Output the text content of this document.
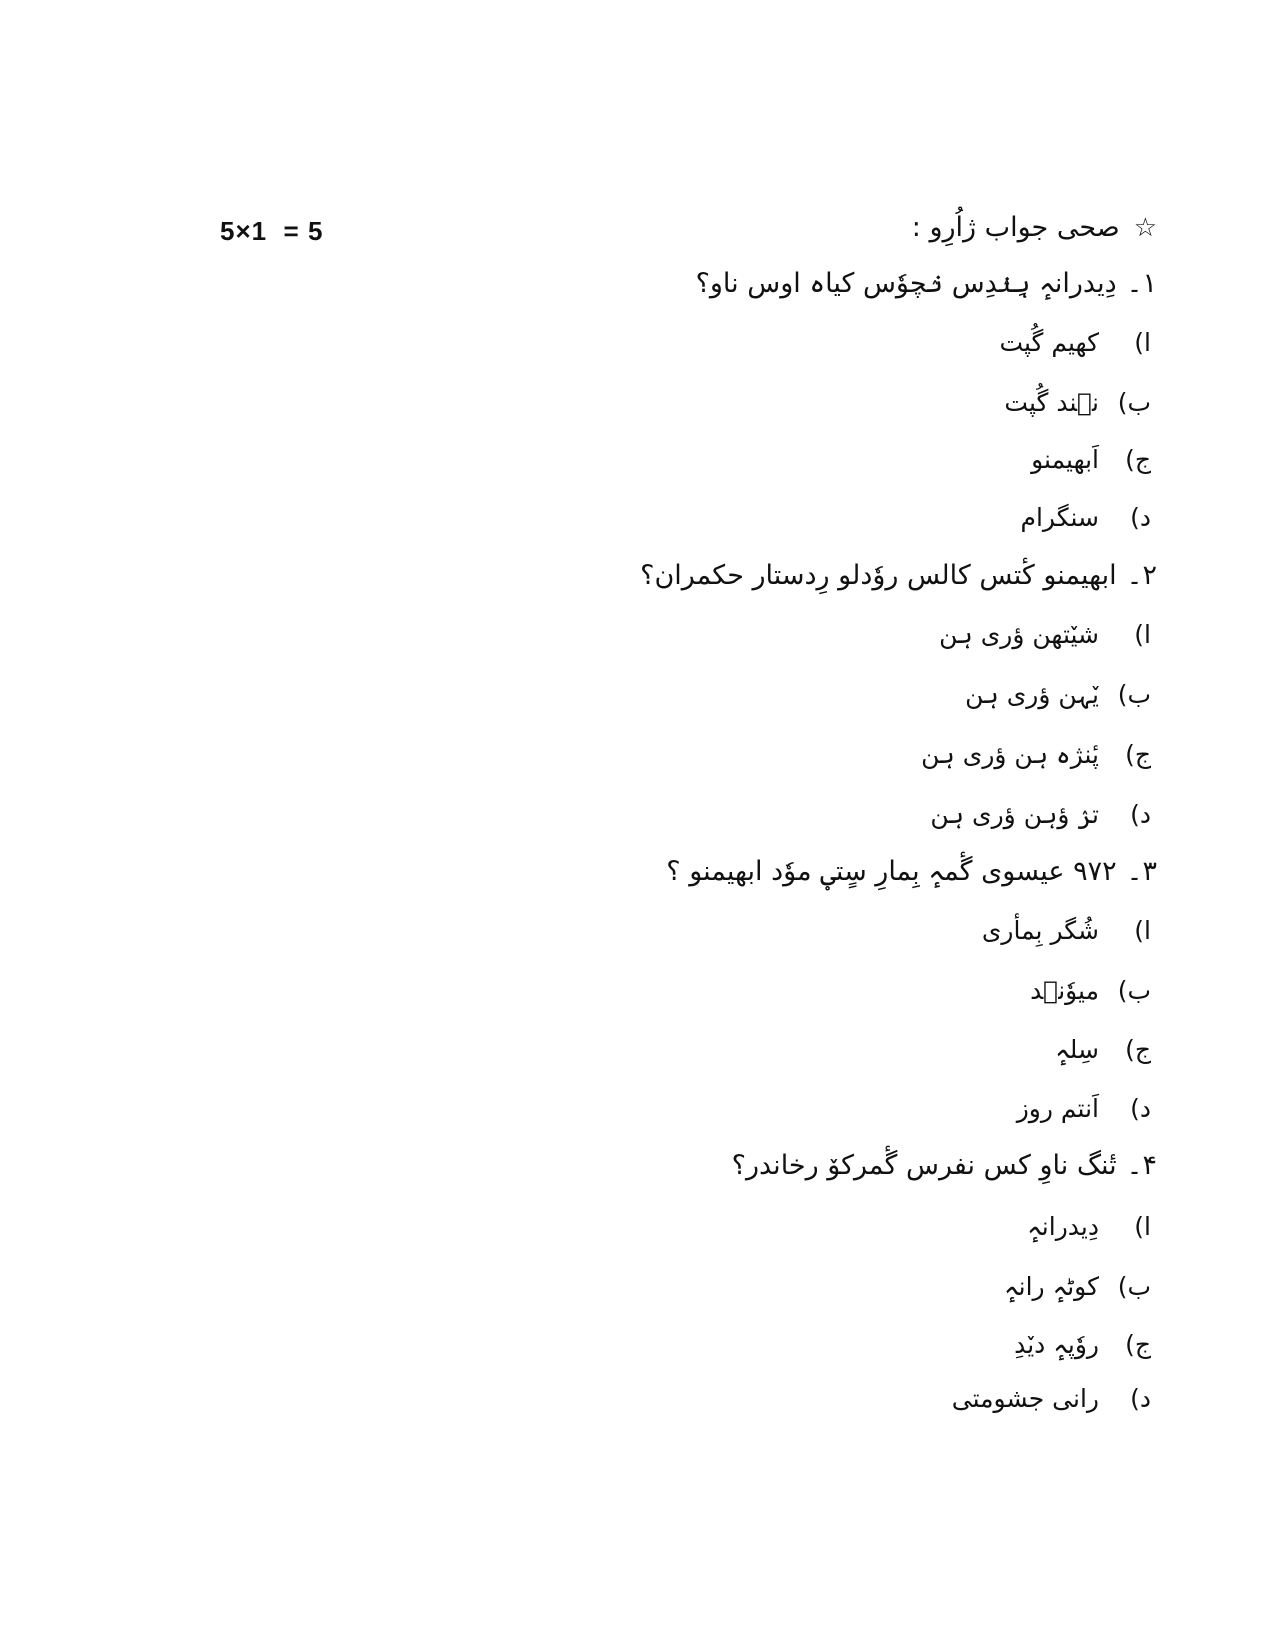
5×1  = 5	☆صحی جواب ژاُرِو :
۱۔دِیدرانہٕ ہِنٛدِس نٛچوٗس کیاہ اوس ناو؟
ا)کھیم گُپت
ب)نٛند گُپت
ج)اَبھیمنو
د)سنگرام
۲۔ابھیمنو کٔتس کالس روٗدلو رِدستار حکمران؟
ا)شیٚتھن ؤری ہن
ب)یٚہن ؤری ہن
ج)پٔنژہ ہن ؤری ہن
د)ترٛ ؤہن ؤری ہن
۳۔۹۷۲ عیسوی گٔمہٕ بِمارِ سٍتؠ موٗد ابھیمنو ؟
ا)شُگر بِمأری
ب)میوٗنٛد
ج)سِلہٕ
د)اَنتم روز
۴۔تٔنگ ناوِ کس نفرس گٔمرکۆ رخاندر؟
ا)دِیدرانہٕ
ب)کوٹہٕ رانہٕ
ج)روٗپہٕ دیٚدِ
د)رانی جشومتی
